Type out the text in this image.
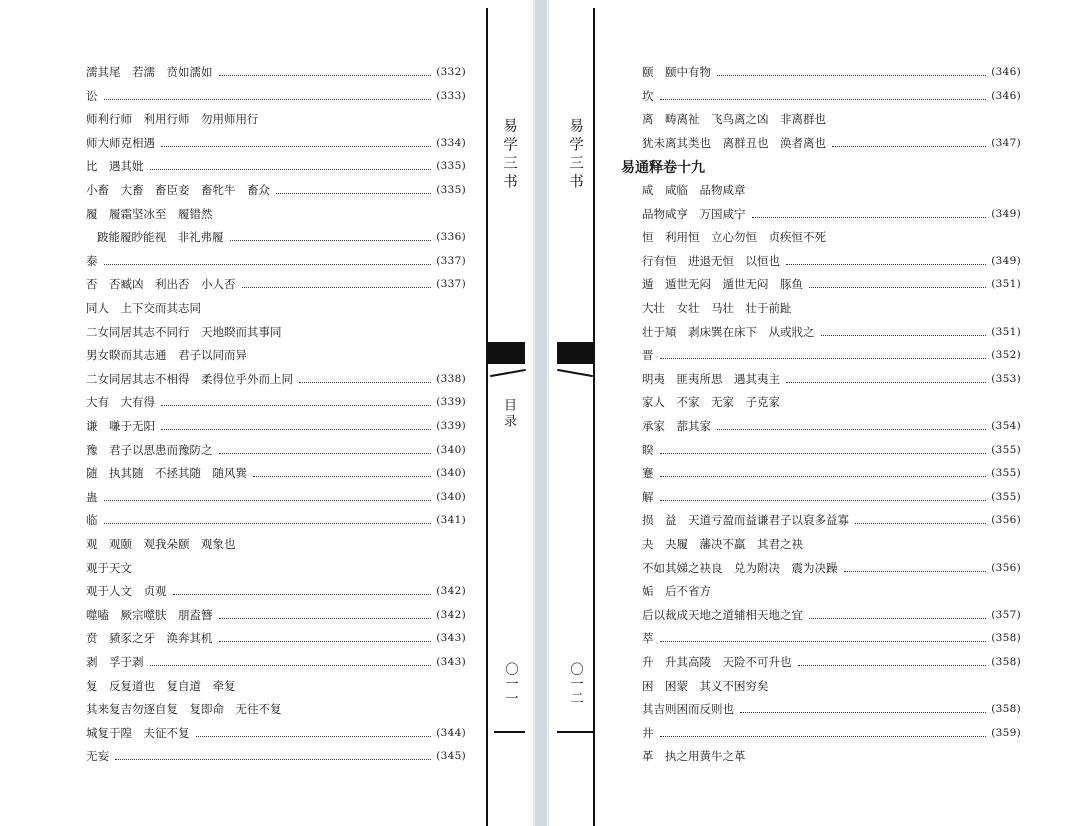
濡其尾　若濡　贲如濡如	(332)
讼	(333)
师利行师　利用行师　勿用师用行
师大师克相遇	(334)
比　遇其妣	(335)
小畜　大畜　畜臣妾　畜牝牛　畜众	(335)
履　履霜坚冰至　履错然
跛能履眇能视　非礼弗履	(336)
泰	(337)
否　否臧凶　利出否　小人否	(337)
同人　上下交而其志同
二女同居其志不同行　天地睽而其事同
男女睽而其志通　君子以同而异
二女同居其志不相得　柔得位乎外而上同	(338)
大有　大有得	(339)
谦　嗛于无阳	(339)
豫　君子以思患而豫防之	(340)
随　执其随　不拯其随　随风巽	(340)
蛊	(340)
临	(341)
观　观颐　观我朵颐　观象也
观于天文
观于人文　贞观	(342)
噬嗑　厥宗噬肤　朋盍簪	(342)
贲　豮豕之牙　涣奔其机	(343)
剥　孚于剥	(343)
复　反复道也　复自道　牵复
其来复吉勿逐自复　复即命　无往不复
城复于隍　夫征不复	(344)
无妄	(345)
易学三书
目录
〇一一
颐　颐中有物	(346)
坎	(346)
离　畴离祉　飞鸟离之凶　非离群也
犹未离其类也　离群丑也　涣者离也	(347)
易通释卷十九
咸　咸临　品物咸章
品物咸亨　万国咸宁	(349)
恒　利用恒　立心勿恒　贞疾恒不死
行有恒　进退无恒　以恒也	(349)
遁　遁世无闷　遁世无闷　豚鱼	(351)
大壮　女壮　马壮　壮于前趾
壮于頄　剥床巽在床下　从或戕之	(351)
晋	(352)
明夷　匪夷所思　遇其夷主	(353)
家人　不家　无家　子克家
承家　蔀其家	(354)
睽	(355)
蹇	(355)
解	(355)
损　益　天道亏盈而益谦君子以裒多益寡	(356)
夬　夬履　藩决不羸　其君之袂
不如其娣之袂良　兑为附决　震为决躁	(356)
姤　后不省方
后以裁成天地之道辅相天地之宜	(357)
萃	(358)
升　升其高陵　天险不可升也	(358)
困　困蒙　其义不困穷矣
其吉则困而反则也	(358)
井	(359)
革　执之用黄牛之革
易学三书
〇一二
